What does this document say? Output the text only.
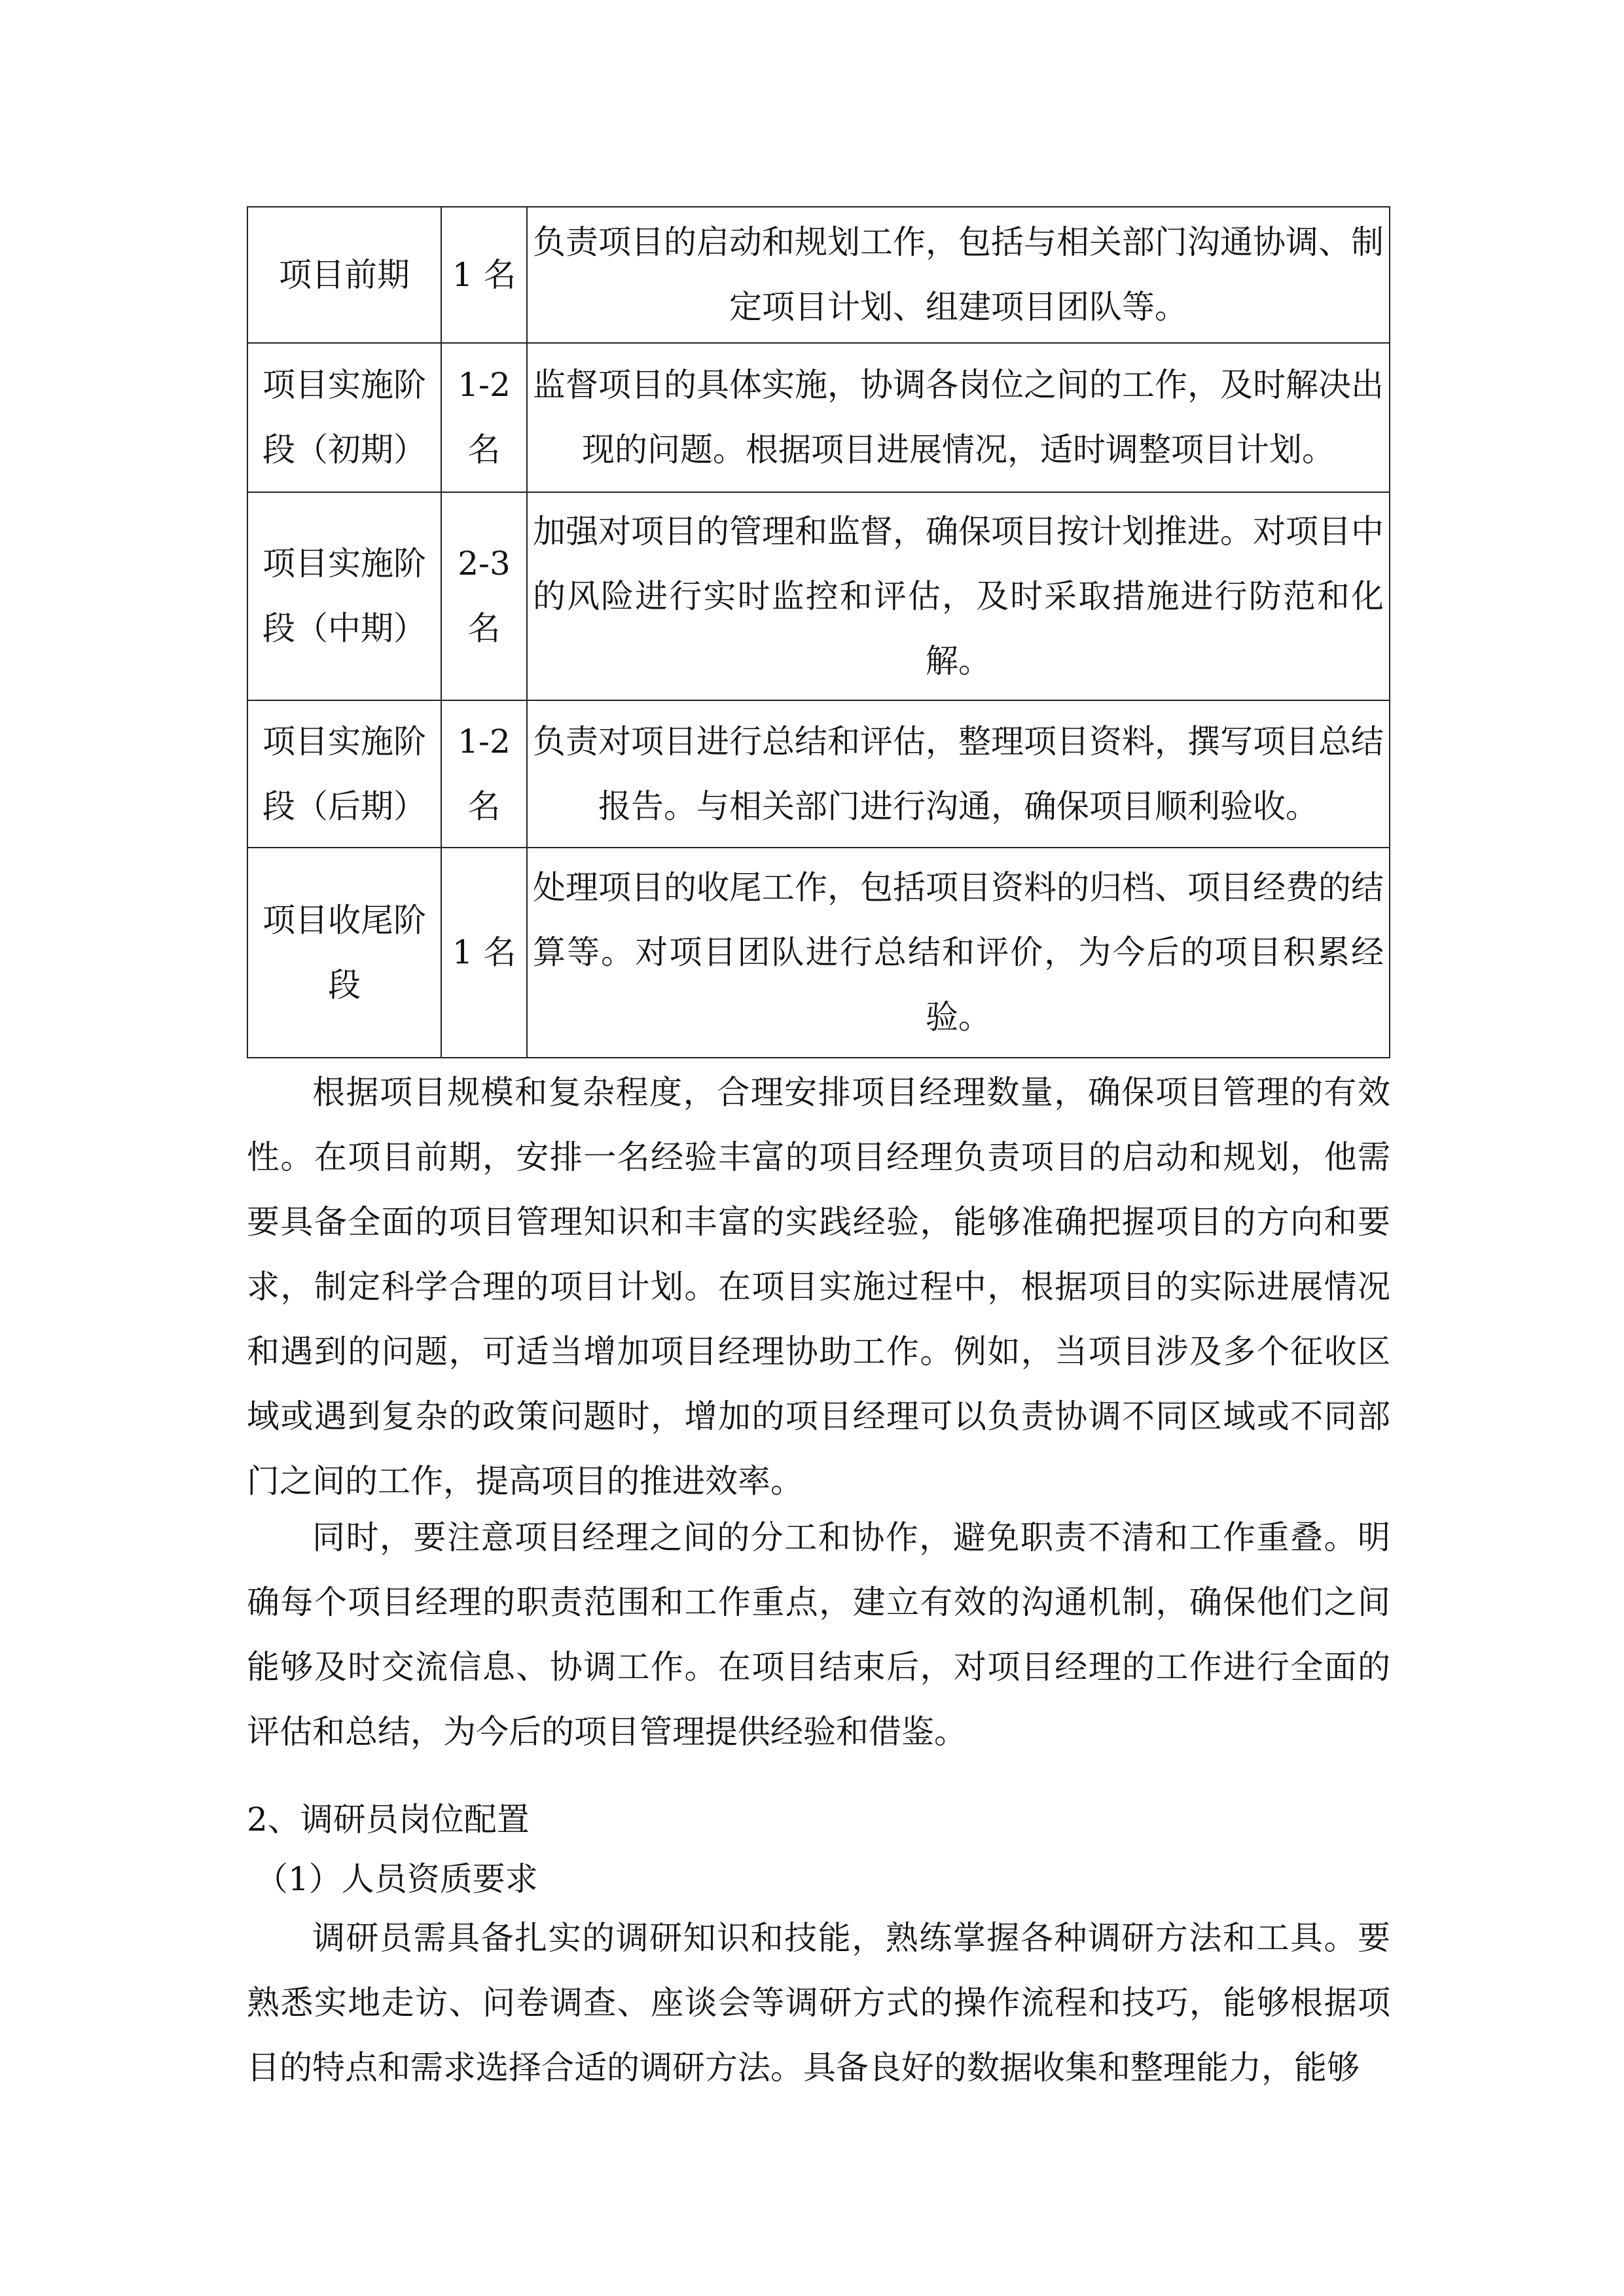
项目前期	1 名	负责项目的启动和规划工作，包括与相关部门沟通协调、制定项目计划、组建项目团队等。
项目实施阶段（初期）	1-2名	监督项目的具体实施，协调各岗位之间的工作，及时解决出现的问题。根据项目进展情况，适时调整项目计划。
项目实施阶段（中期）	2-3名	加强对项目的管理和监督，确保项目按计划推进。对项目中的风险进行实时监控和评估，及时采取措施进行防范和化解。
项目实施阶段（后期）	1-2名	负责对项目进行总结和评估，整理项目资料，撰写项目总结报告。与相关部门进行沟通，确保项目顺利验收。
项目收尾阶段	1 名	处理项目的收尾工作，包括项目资料的归档、项目经费的结算等。对项目团队进行总结和评价，为今后的项目积累经验。

根据项目规模和复杂程度，合理安排项目经理数量，确保项目管理的有效性。在项目前期，安排一名经验丰富的项目经理负责项目的启动和规划，他需要具备全面的项目管理知识和丰富的实践经验，能够准确把握项目的方向和要求，制定科学合理的项目计划。在项目实施过程中，根据项目的实际进展情况和遇到的问题，可适当增加项目经理协助工作。例如，当项目涉及多个征收区域或遇到复杂的政策问题时，增加的项目经理可以负责协调不同区域或不同部门之间的工作，提高项目的推进效率。

同时，要注意项目经理之间的分工和协作，避免职责不清和工作重叠。明确每个项目经理的职责范围和工作重点，建立有效的沟通机制，确保他们之间能够及时交流信息、协调工作。在项目结束后，对项目经理的工作进行全面的评估和总结，为今后的项目管理提供经验和借鉴。

2、调研员岗位配置

（1）人员资质要求

调研员需具备扎实的调研知识和技能，熟练掌握各种调研方法和工具。要熟悉实地走访、问卷调查、座谈会等调研方式的操作流程和技巧，能够根据项目的特点和需求选择合适的调研方法。具备良好的数据收集和整理能力，能够
